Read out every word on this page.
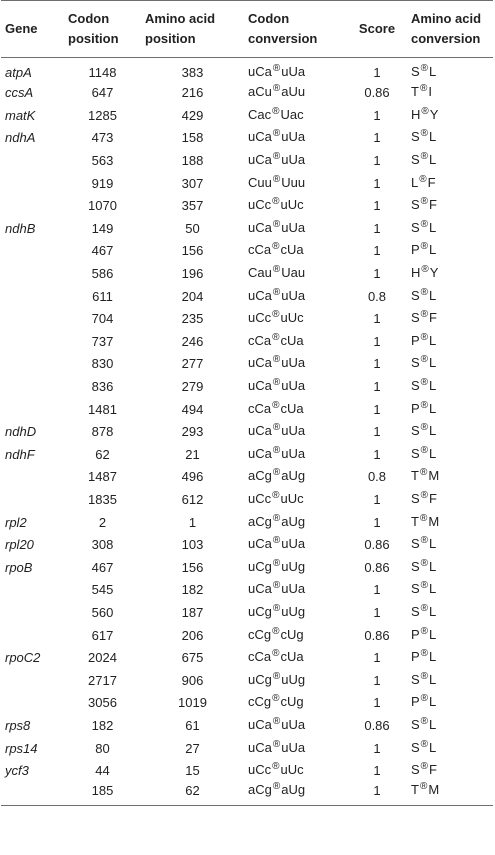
Gene	Codon position	Amino acid position	Codon conversion	Score	Amino acid conversion
atpA	1148	383	uCa®uUa	1	S®L
ccsA	647	216	aCu®aUu	0.86	T®I
matK	1285	429	Cac®Uac	1	H®Y
ndhA	473	158	uCa®uUa	1	S®L
	563	188	uCa®uUa	1	S®L
	919	307	Cuu®Uuu	1	L®F
	1070	357	uCc®uUc	1	S®F
ndhB	149	50	uCa®uUa	1	S®L
	467	156	cCa®cUa	1	P®L
	586	196	Cau®Uau	1	H®Y
	611	204	uCa®uUa	0.8	S®L
	704	235	uCc®uUc	1	S®F
	737	246	cCa®cUa	1	P®L
	830	277	uCa®uUa	1	S®L
	836	279	uCa®uUa	1	S®L
	1481	494	cCa®cUa	1	P®L
ndhD	878	293	uCa®uUa	1	S®L
ndhF	62	21	uCa®uUa	1	S®L
	1487	496	aCg®aUg	0.8	T®M
	1835	612	uCc®uUc	1	S®F
rpl2	2	1	aCg®aUg	1	T®M
rpl20	308	103	uCa®uUa	0.86	S®L
rpoB	467	156	uCg®uUg	0.86	S®L
	545	182	uCa®uUa	1	S®L
	560	187	uCg®uUg	1	S®L
	617	206	cCg®cUg	0.86	P®L
rpoC2	2024	675	cCa®cUa	1	P®L
	2717	906	uCg®uUg	1	S®L
	3056	1019	cCg®cUg	1	P®L
rps8	182	61	uCa®uUa	0.86	S®L
rps14	80	27	uCa®uUa	1	S®L
ycf3	44	15	uCc®uUc	1	S®F
	185	62	aCg®aUg	1	T®M
